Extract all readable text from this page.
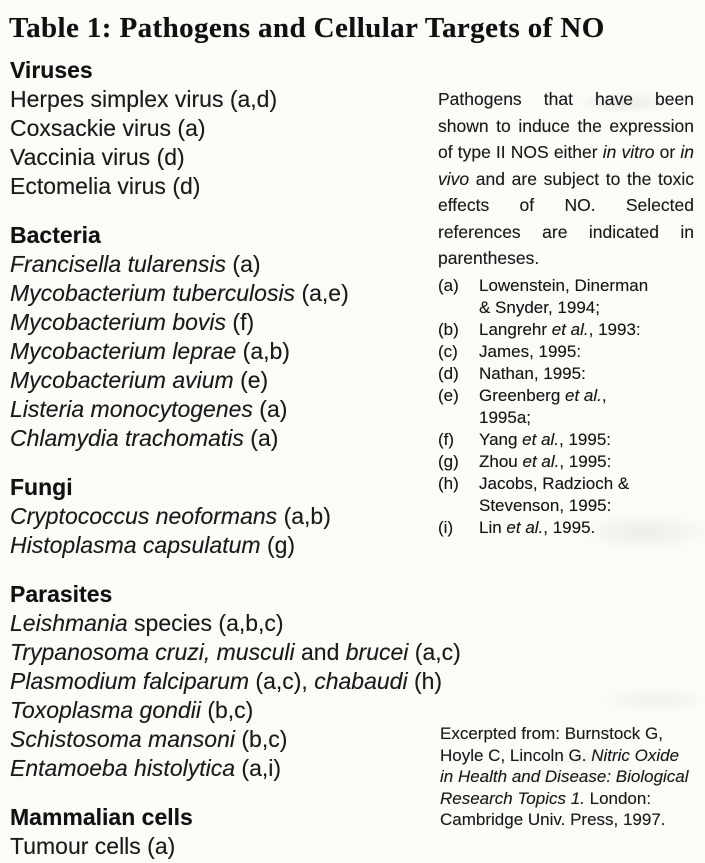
Table 1: Pathogens and Cellular Targets of NO
Viruses
Herpes simplex virus (a,d)
Coxsackie virus (a)
Vaccinia virus (d)
Ectomelia virus (d)
Bacteria
Francisella tularensis (a)
Mycobacterium tuberculosis (a,e)
Mycobacterium bovis (f)
Mycobacterium leprae (a,b)
Mycobacterium avium (e)
Listeria monocytogenes (a)
Chlamydia trachomatis (a)
Fungi
Cryptococcus neoformans (a,b)
Histoplasma capsulatum (g)
Parasites
Leishmania species (a,b,c)
Trypanosoma cruzi, musculi and brucei (a,c)
Plasmodium falciparum (a,c), chabaudi (h)
Toxoplasma gondii (b,c)
Schistosoma mansoni (b,c)
Entamoeba histolytica (a,i)
Mammalian cells
Tumour cells (a)
Pathogens that have been shown to induce the expression of type II NOS either in vitro or in vivo and are subject to the toxic effects of NO. Selected references are indicated in parentheses.
(a)	Lowenstein, Dinerman
& Snyder, 1994;
(b)	Langrehr et al., 1993:
(c)	James, 1995:
(d)	Nathan, 1995:
(e)	Greenberg et al.,
1995a;
(f)	Yang et al., 1995:
(g)	Zhou et al., 1995:
(h)	Jacobs, Radzioch &
Stevenson, 1995:
(i)	Lin et al., 1995.
Excerpted from: Burnstock G, Hoyle C, Lincoln G. Nitric Oxide in Health and Disease: Biological Research Topics 1. London: Cambridge Univ. Press, 1997.
